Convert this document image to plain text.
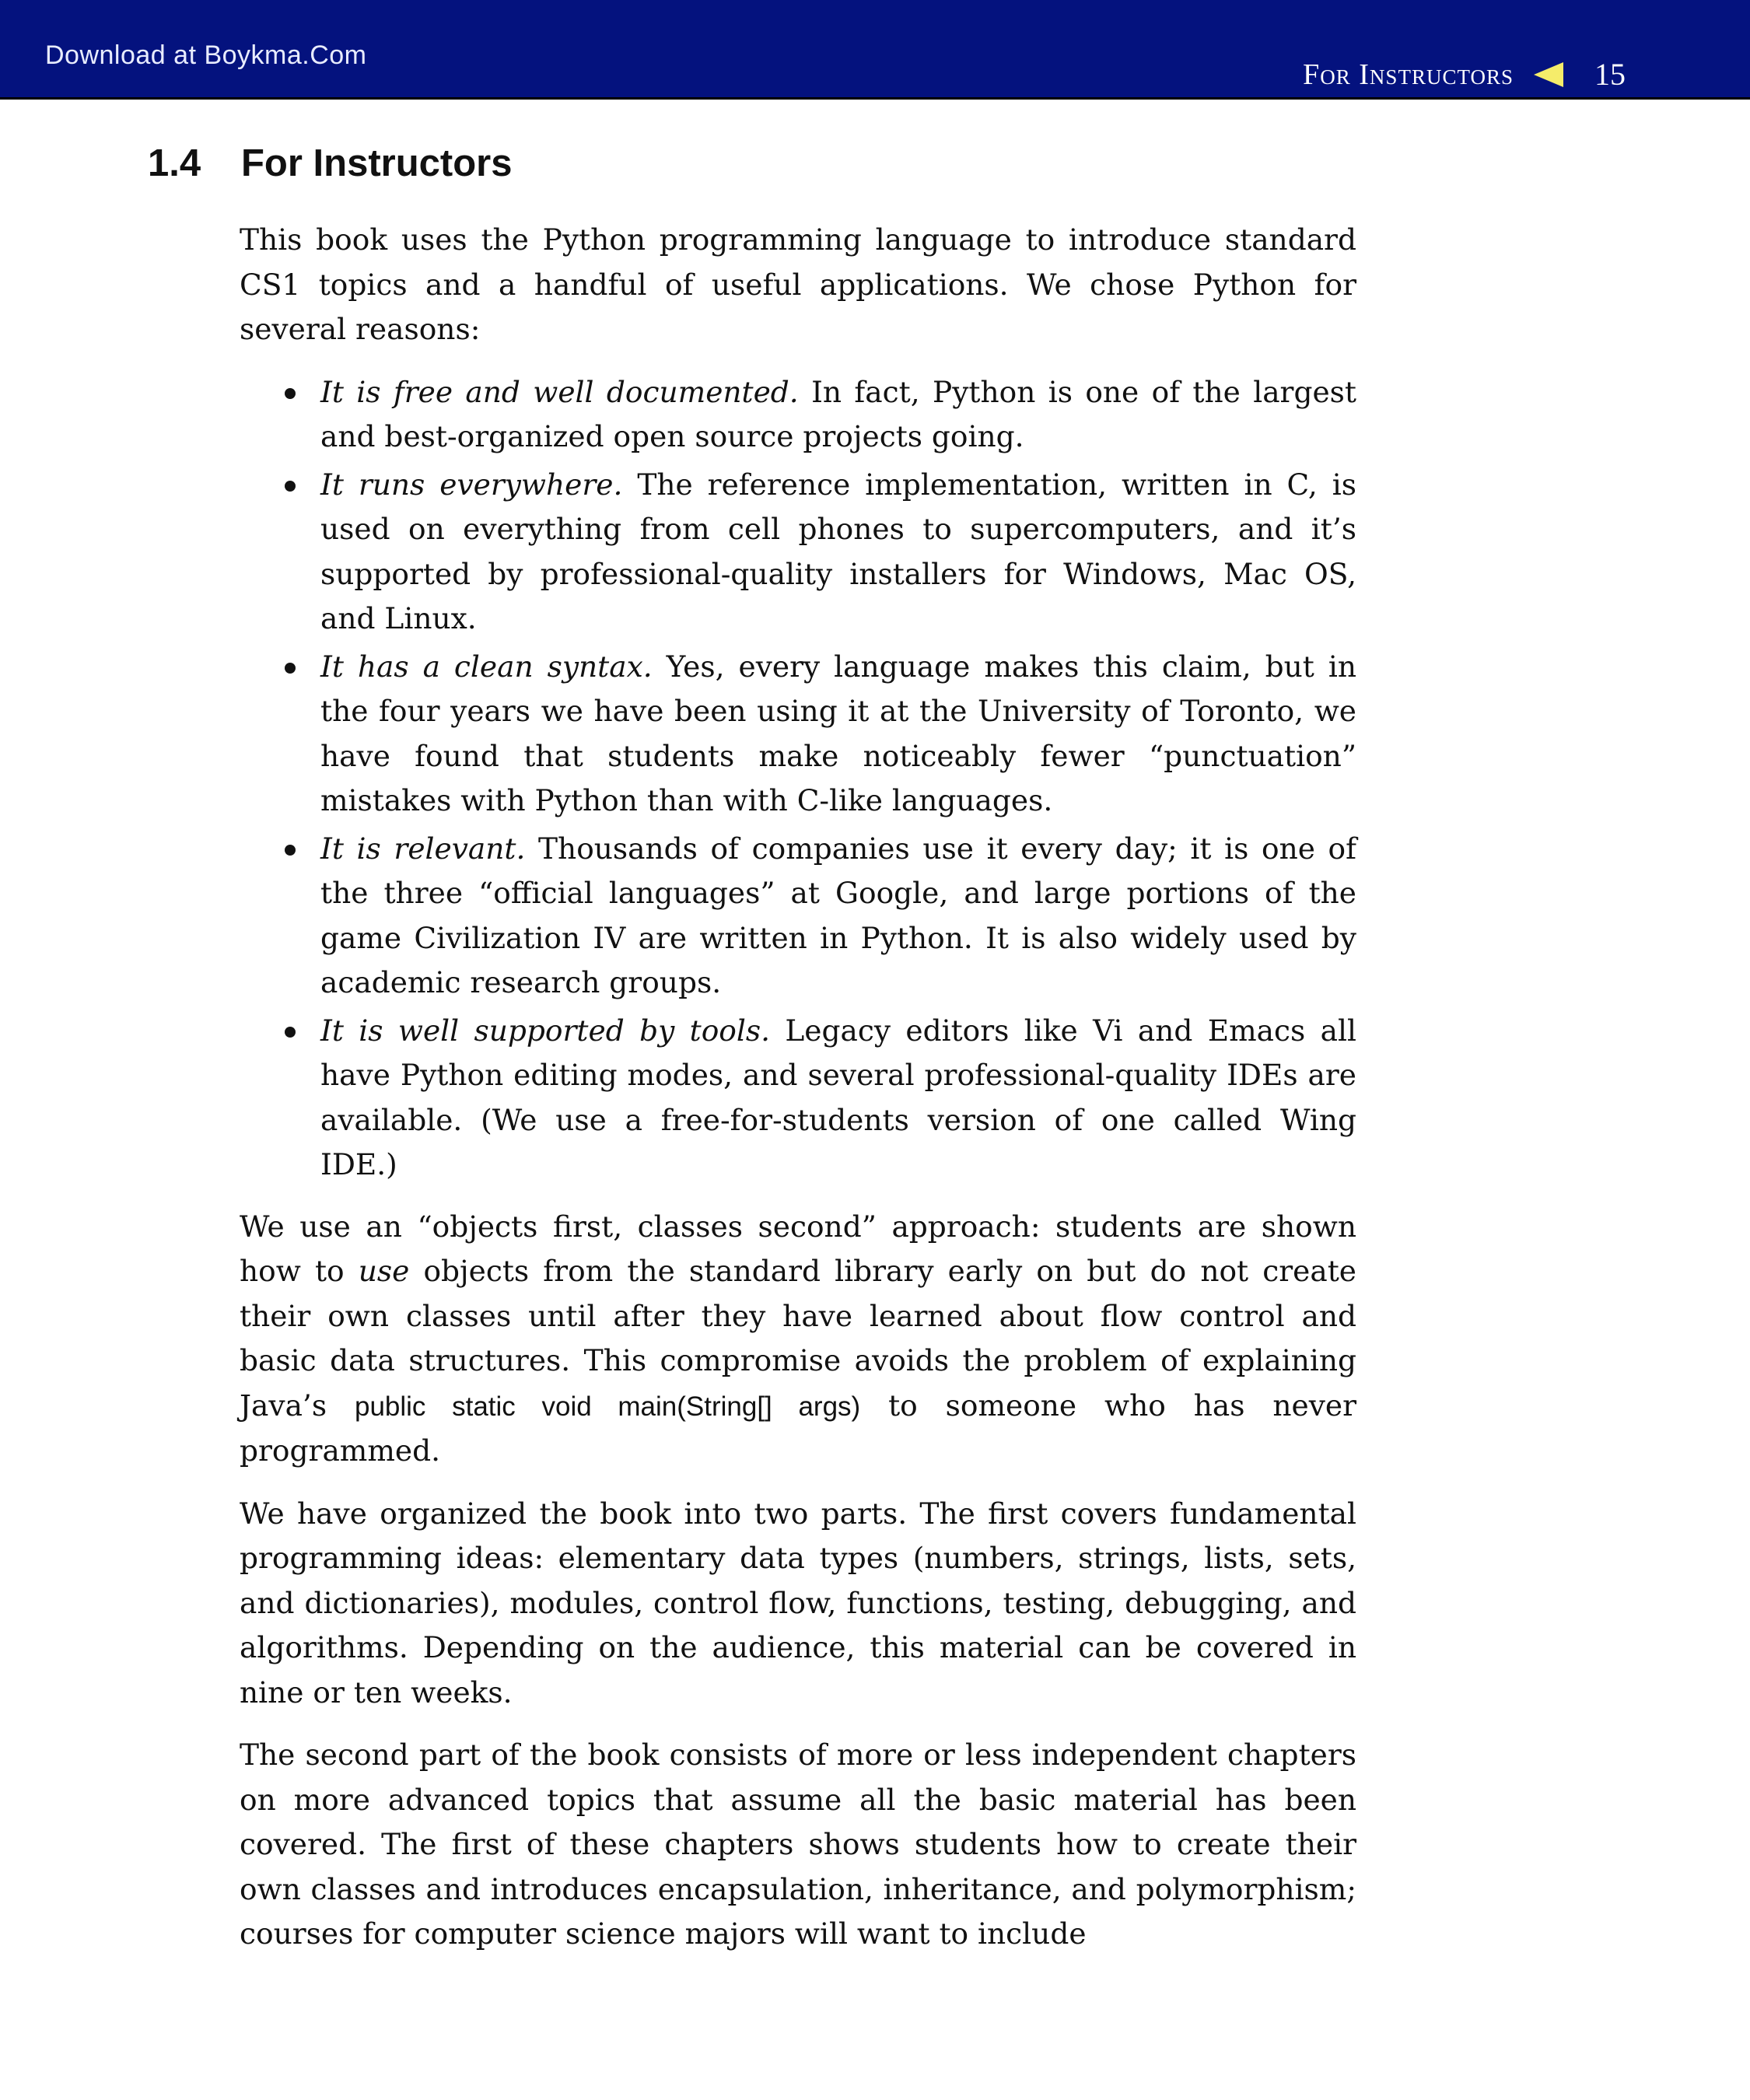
Download at Boykma.Com
For Instructors	15
1.4	For Instructors

This book uses the Python programming language to introduce standard CS1 topics and a handful of useful applications. We chose Python for several reasons:

It is free and well documented. In fact, Python is one of the largest and best-organized open source projects going.
It runs everywhere. The reference implementation, written in C, is used on everything from cell phones to supercomputers, and it’s supported by professional-quality installers for Windows, Mac OS, and Linux.
It has a clean syntax. Yes, every language makes this claim, but in the four years we have been using it at the University of Toronto, we have found that students make noticeably fewer “punctuation” mistakes with Python than with C-like languages.
It is relevant. Thousands of companies use it every day; it is one of the three “official languages” at Google, and large portions of the game Civilization IV are written in Python. It is also widely used by academic research groups.
It is well supported by tools. Legacy editors like Vi and Emacs all have Python editing modes, and several professional-quality IDEs are available. (We use a free-for-students version of one called Wing IDE.)

We use an “objects first, classes second” approach: students are shown how to use objects from the standard library early on but do not create their own classes until after they have learned about flow control and basic data structures. This compromise avoids the problem of explaining Java’s public static void main(String[] args) to someone who has never programmed.

We have organized the book into two parts. The first covers fundamental programming ideas: elementary data types (numbers, strings, lists, sets, and dictionaries), modules, control flow, functions, testing, debugging, and algorithms. Depending on the audience, this material can be covered in nine or ten weeks.

The second part of the book consists of more or less independent chapters on more advanced topics that assume all the basic material has been covered. The first of these chapters shows students how to create their own classes and introduces encapsulation, inheritance, and polymorphism; courses for computer science majors will want to include
